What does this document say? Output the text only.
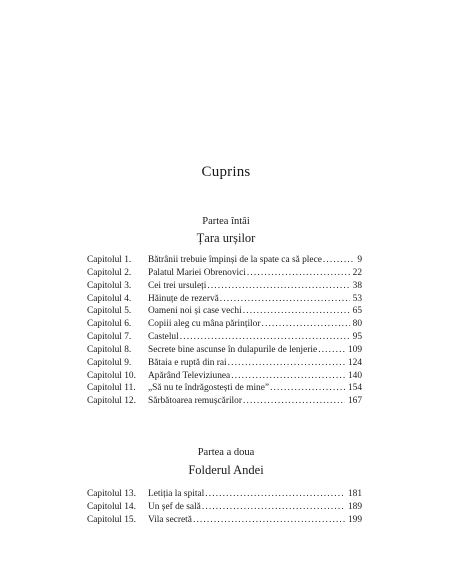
Cuprins
Partea întâi
Țara urșilor
Capitolul 1.	Bătrânii trebuie împinși de la spate ca să plece . . .	9
Capitolul 2.	Palatul Mariei Obrenovici . . .	22
Capitolul 3.	Cei trei ursuleți . . .	38
Capitolul 4.	Hăinuțe de rezervă . . .	53
Capitolul 5.	Oameni noi și case vechi . . .	65
Capitolul 6.	Copiii aleg cu mâna părinților . . .	80
Capitolul 7.	Castelul . . .	95
Capitolul 8.	Secrete bine ascunse în dulapurile de lenjerie . . .	109
Capitolul 9.	Bătaia e ruptă din rai . . .	124
Capitolul 10.	Apărând Televiziunea . . .	140
Capitolul 11.	„Să nu te îndrăgostești de mine” . . .	154
Capitolul 12.	Sărbătoarea remușcărilor . . .	167
Partea a doua
Folderul Andei
Capitolul 13.	Letiția la spital . . .	181
Capitolul 14.	Un șef de sală . . .	189
Capitolul 15.	Vila secretă . . .	199
